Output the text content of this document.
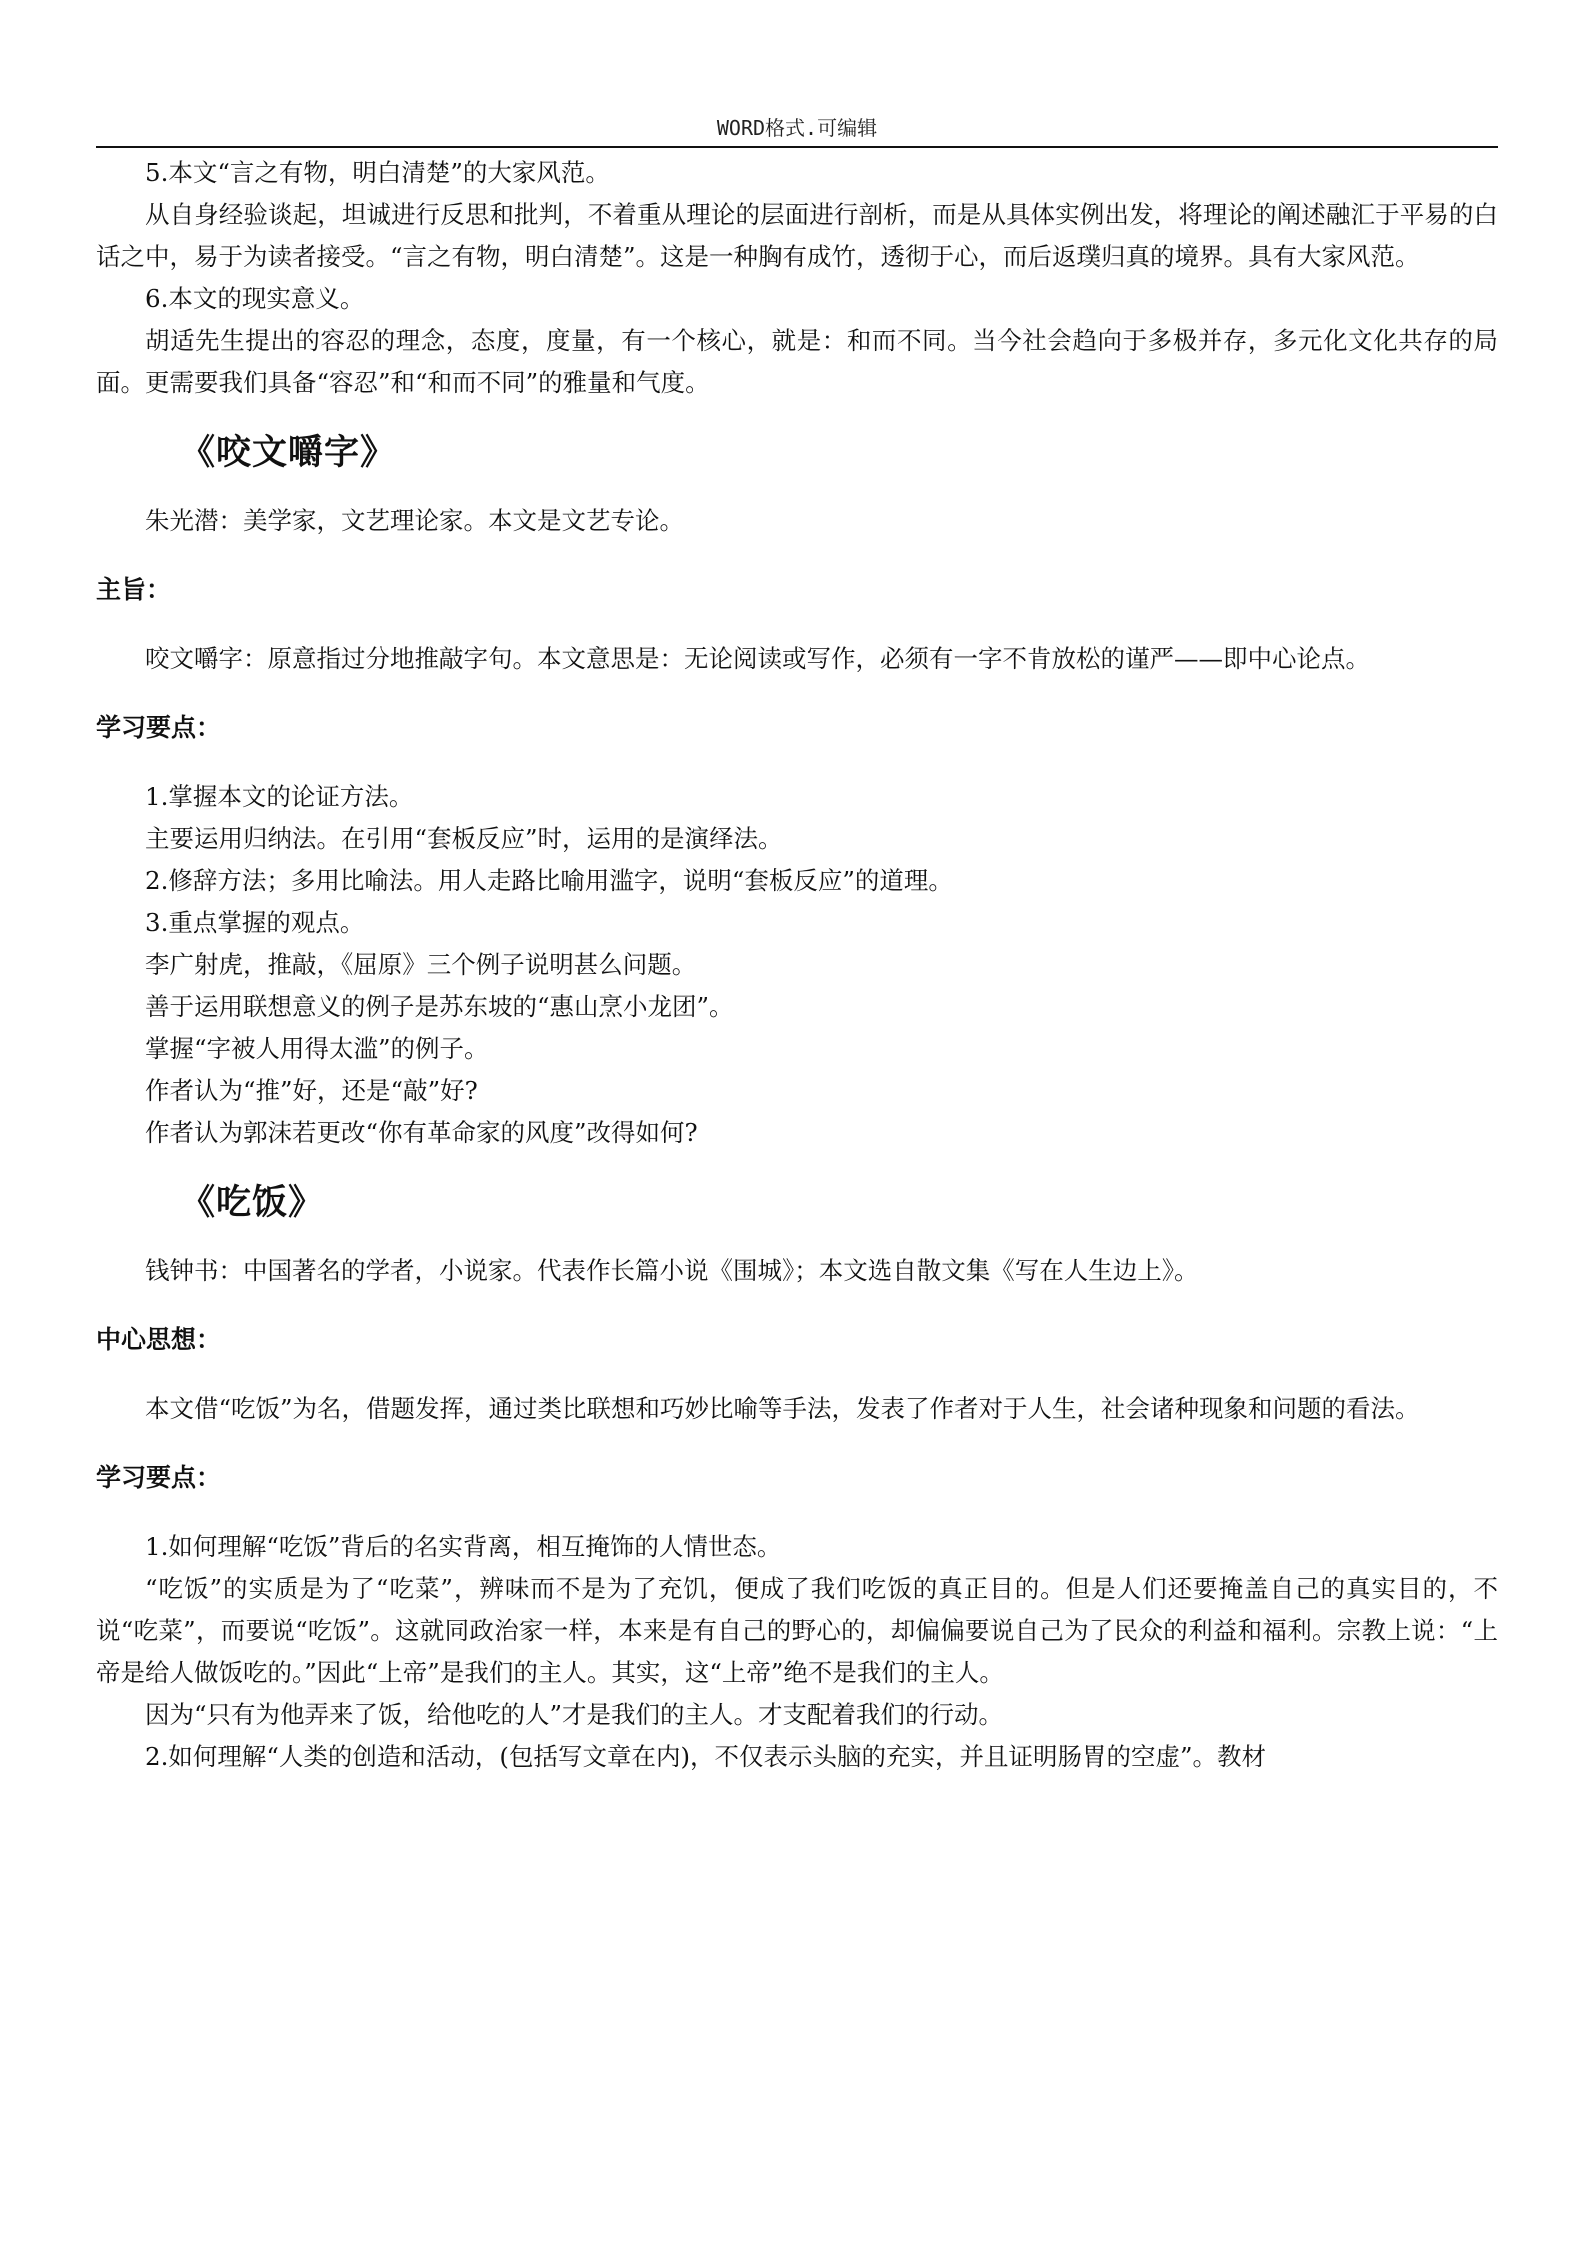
WORD格式.可编辑

5.本文“言之有物，明白清楚”的大家风范。

从自身经验谈起，坦诚进行反思和批判，不着重从理论的层面进行剖析，而是从具体实例出发，将理论的阐述融汇于平易的白话之中，易于为读者接受。“言之有物，明白清楚”。这是一种胸有成竹，透彻于心，而后返璞归真的境界。具有大家风范。

6.本文的现实意义。

胡适先生提出的容忍的理念，态度，度量，有一个核心，就是：和而不同。当今社会趋向于多极并存，多元化文化共存的局面。更需要我们具备“容忍”和“和而不同”的雅量和气度。

《咬文嚼字》

朱光潜：美学家，文艺理论家。本文是文艺专论。

主旨：

咬文嚼字：原意指过分地推敲字句。本文意思是：无论阅读或写作，必须有一字不肯放松的谨严——即中心论点。

学习要点：

1.掌握本文的论证方法。

主要运用归纳法。在引用“套板反应”时，运用的是演绎法。

2.修辞方法；多用比喻法。用人走路比喻用滥字，说明“套板反应”的道理。

3.重点掌握的观点。

李广射虎，推敲，《屈原》三个例子说明甚么问题。

善于运用联想意义的例子是苏东坡的“惠山烹小龙团”。

掌握“字被人用得太滥”的例子。

作者认为“推”好，还是“敲”好?

作者认为郭沫若更改“你有革命家的风度”改得如何?

《吃饭》

钱钟书：中国著名的学者，小说家。代表作长篇小说《围城》；本文选自散文集《写在人生边上》。

中心思想：

本文借“吃饭”为名，借题发挥，通过类比联想和巧妙比喻等手法，发表了作者对于人生，社会诸种现象和问题的看法。

学习要点：

1.如何理解“吃饭”背后的名实背离，相互掩饰的人情世态。

“吃饭”的实质是为了“吃菜”，辨味而不是为了充饥，便成了我们吃饭的真正目的。但是人们还要掩盖自己的真实目的，不说“吃菜”，而要说“吃饭”。这就同政治家一样，本来是有自己的野心的，却偏偏要说自己为了民众的利益和福利。宗教上说：“上帝是给人做饭吃的。”因此“上帝”是我们的主人。其实，这“上帝”绝不是我们的主人。

因为“只有为他弄来了饭，给他吃的人”才是我们的主人。才支配着我们的行动。

2.如何理解“人类的创造和活动，(包括写文章在内)，不仅表示头脑的充实，并且证明肠胃的空虚”。教材
